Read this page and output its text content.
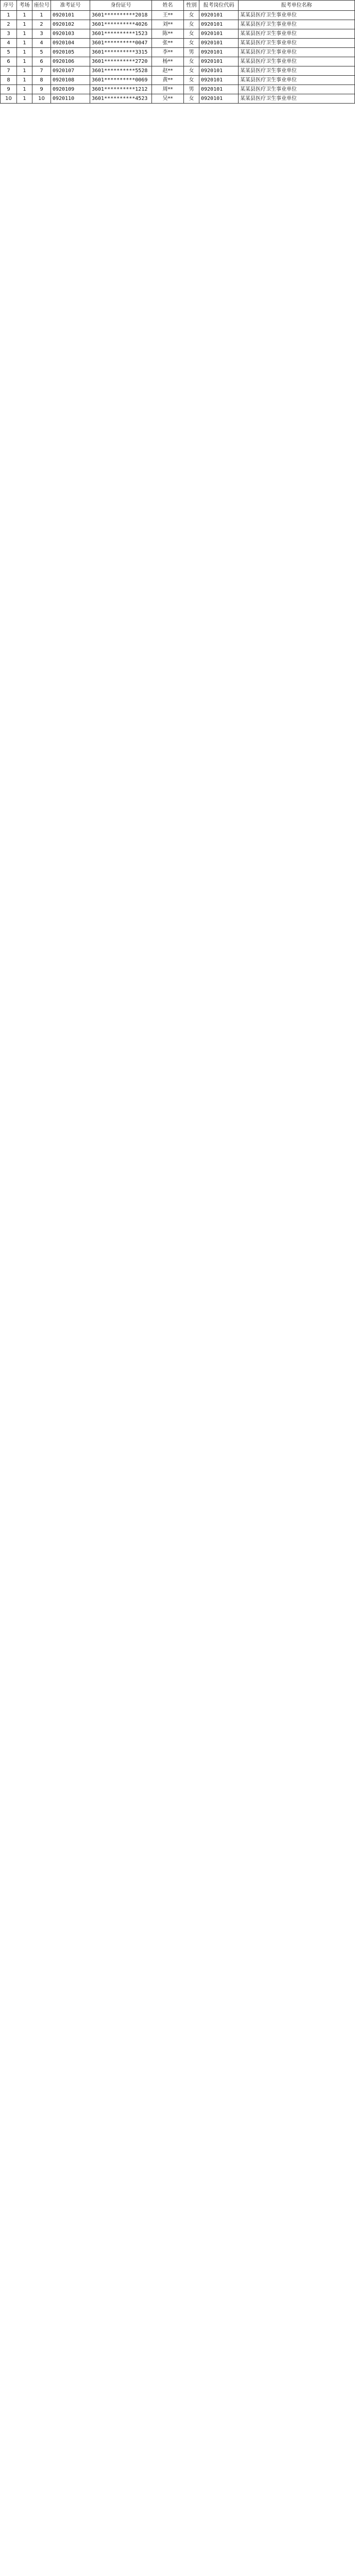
序号	考场	座位号	准考证号	身份证号	姓名	性别	报考岗位代码	报考单位名称
1	1	1	0920101	3601**********2018	王**	女	0920101	某某县医疗卫生事业单位
2	1	2	0920102	3601**********4026	刘**	女	0920101	某某县医疗卫生事业单位
3	1	3	0920103	3601**********1523	陈**	女	0920101	某某县医疗卫生事业单位
4	1	4	0920104	3601**********0047	张**	女	0920101	某某县医疗卫生事业单位
5	1	5	0920105	3601**********3315	李**	男	0920101	某某县医疗卫生事业单位
6	1	6	0920106	3601**********2720	杨**	女	0920101	某某县医疗卫生事业单位
7	1	7	0920107	3601**********5528	赵**	女	0920101	某某县医疗卫生事业单位
8	1	8	0920108	3601**********0069	黄**	女	0920101	某某县医疗卫生事业单位
9	1	9	0920109	3601**********1212	周**	男	0920101	某某县医疗卫生事业单位
10	1	10	0920110	3601**********4523	吴**	女	0920101	某某县医疗卫生事业单位
